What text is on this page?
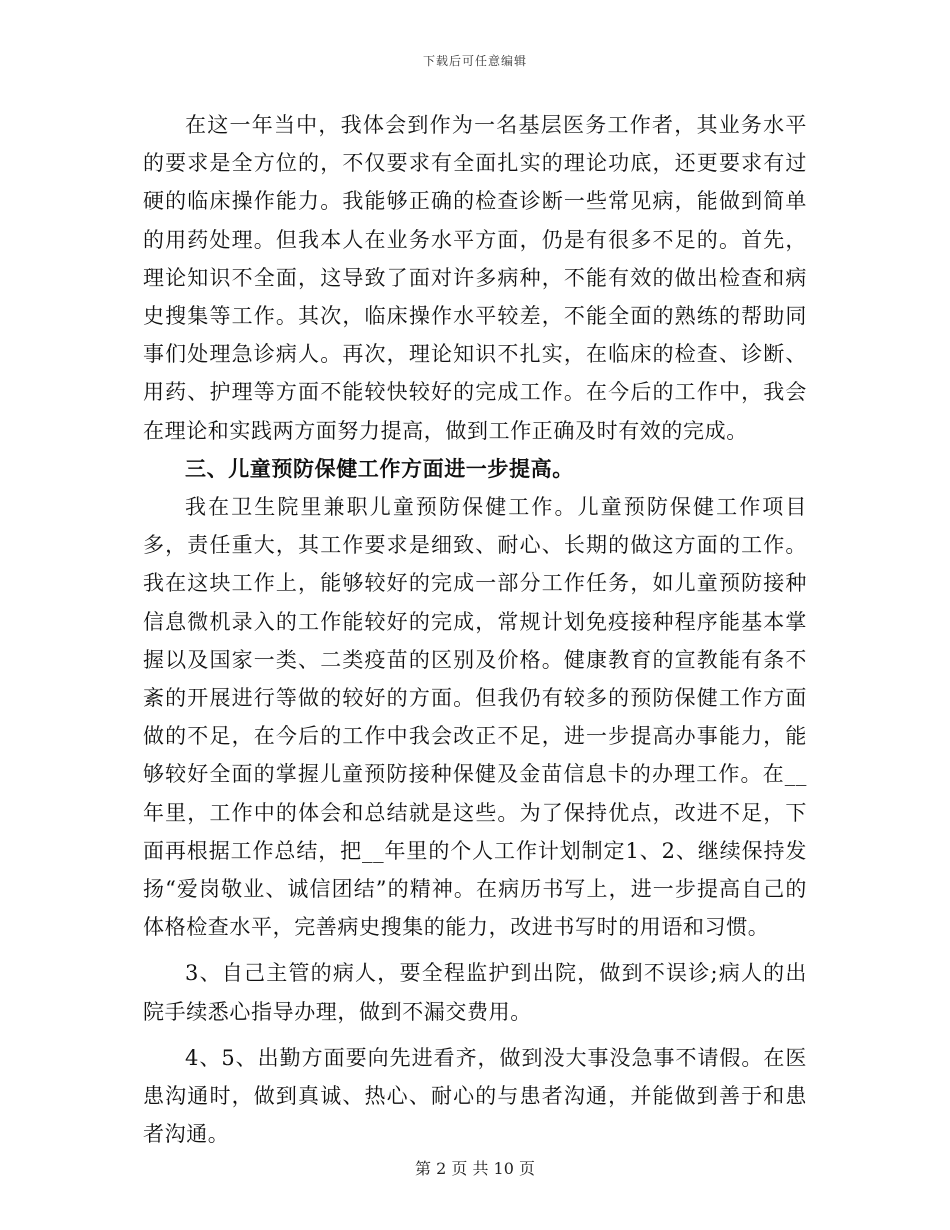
下载后可任意编辑

在这一年当中，我体会到作为一名基层医务工作者，其业务水平的要求是全方位的，不仅要求有全面扎实的理论功底，还更要求有过硬的临床操作能力。我能够正确的检查诊断一些常见病，能做到简单的用药处理。但我本人在业务水平方面，仍是有很多不足的。首先，理论知识不全面，这导致了面对许多病种，不能有效的做出检查和病史搜集等工作。其次，临床操作水平较差，不能全面的熟练的帮助同事们处理急诊病人。再次，理论知识不扎实，在临床的检查、诊断、用药、护理等方面不能较快较好的完成工作。在今后的工作中，我会在理论和实践两方面努力提高，做到工作正确及时有效的完成。

三、儿童预防保健工作方面进一步提高。

我在卫生院里兼职儿童预防保健工作。儿童预防保健工作项目多，责任重大，其工作要求是细致、耐心、长期的做这方面的工作。我在这块工作上，能够较好的完成一部分工作任务，如儿童预防接种信息微机录入的工作能较好的完成，常规计划免疫接种程序能基本掌握以及国家一类、二类疫苗的区别及价格。健康教育的宣教能有条不紊的开展进行等做的较好的方面。但我仍有较多的预防保健工作方面做的不足，在今后的工作中我会改正不足，进一步提高办事能力，能够较好全面的掌握儿童预防接种保健及金苗信息卡的办理工作。在__年里，工作中的体会和总结就是这些。为了保持优点，改进不足，下面再根据工作总结，把__年里的个人工作计划制定1、2、继续保持发扬“爱岗敬业、诚信团结”的精神。在病历书写上，进一步提高自己的体格检查水平，完善病史搜集的能力，改进书写时的用语和习惯。

3、自己主管的病人，要全程监护到出院，做到不误诊;病人的出院手续悉心指导办理，做到不漏交费用。

4、5、出勤方面要向先进看齐，做到没大事没急事不请假。在医患沟通时，做到真诚、热心、耐心的与患者沟通，并能做到善于和患者沟通。

第 2 页 共 10 页
